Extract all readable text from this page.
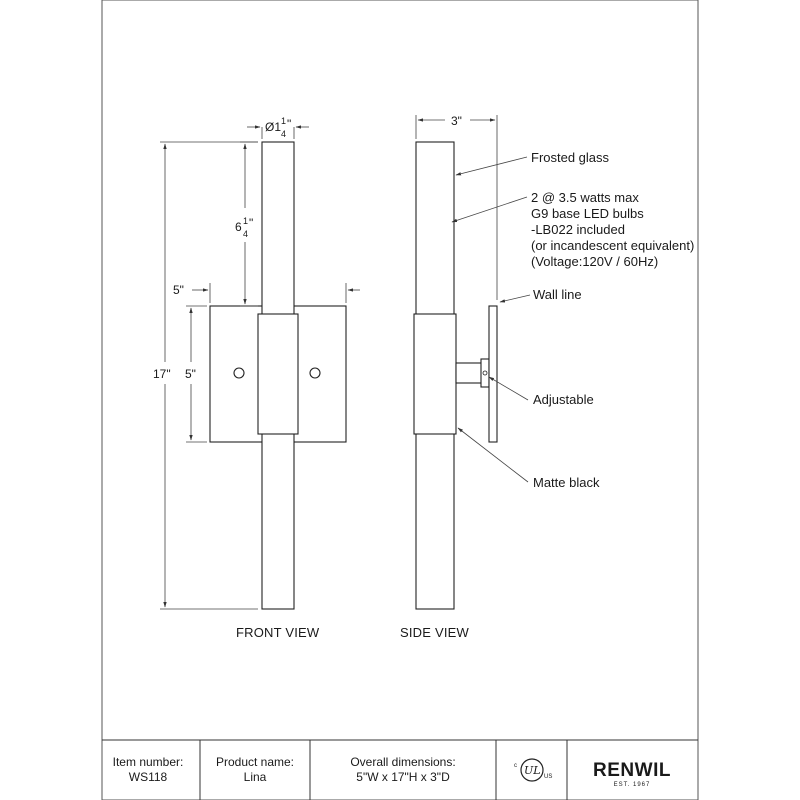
Ø1 1
4
"
6 1
4
"
5"
5"
17"
FRONT VIEW
3"
SIDE VIEW
Frosted glass
2 @ 3.5 watts max
G9 base LED bulbs
-LB022 included
(or incandescent equivalent)
(Voltage:120V / 60Hz)
Wall line
Adjustable
Matte black
Item number:
WS118
Product name:
Lina
Overall dimensions:
5"W x 17"H x 3"D	UL
c
US RENWIL
EST. 1967
